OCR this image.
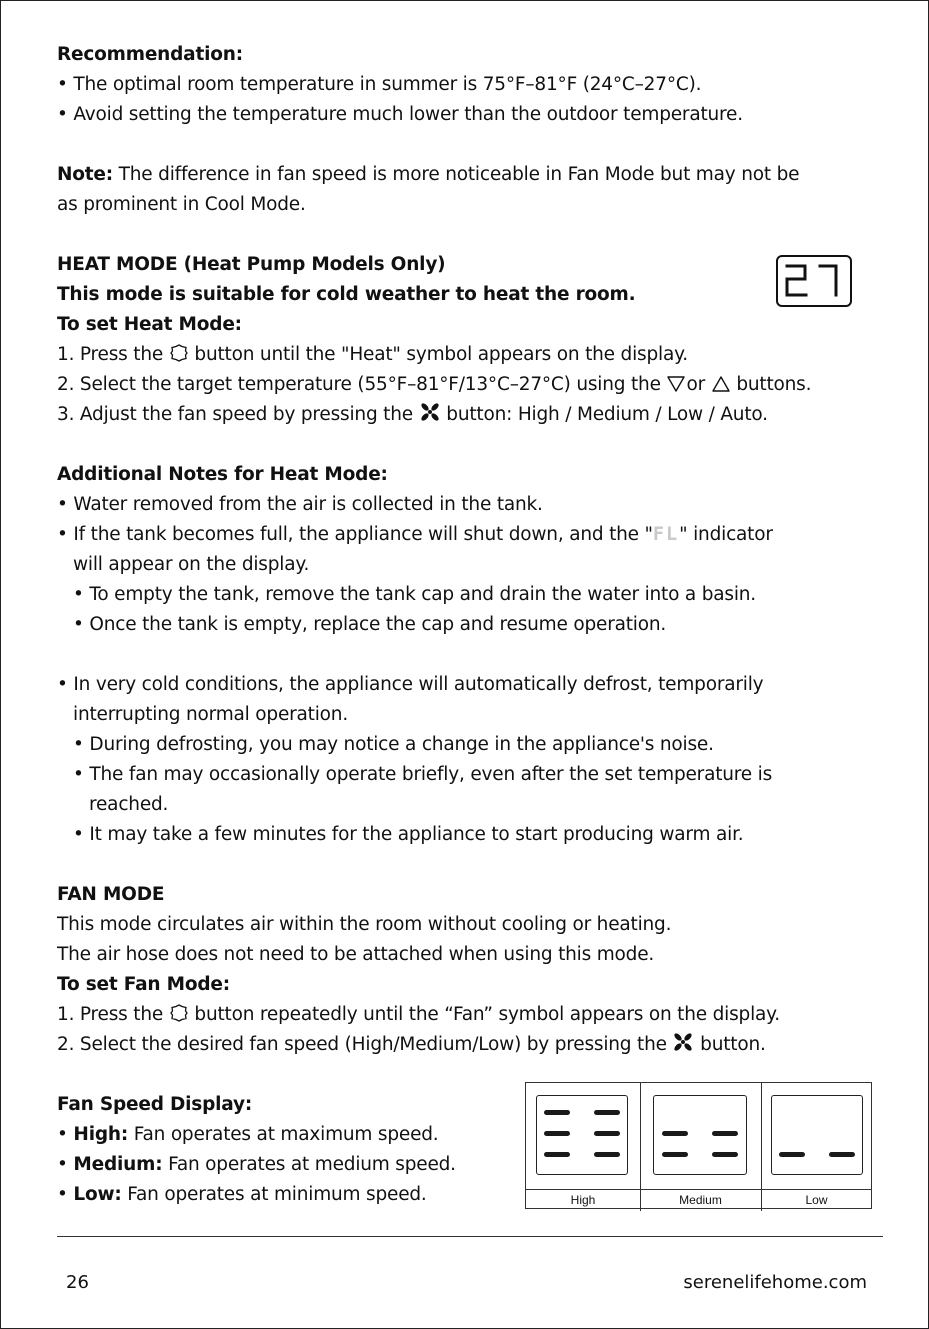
Recommendation:
• The optimal room temperature in summer is 75°F–81°F (24°C–27°C).
• Avoid setting the temperature much lower than the outdoor temperature.
Note: The difference in fan speed is more noticeable in Fan Mode but may not be
as prominent in Cool Mode.
HEAT MODE (Heat Pump Models Only)
This mode is suitable for cold weather to heat the room.
To set Heat Mode:
1. Press the  button until the "Heat" symbol appears on the display.
2. Select the target temperature (55°F–81°F/13°C–27°C) using the or  buttons.
3. Adjust the fan speed by pressing the  button: High / Medium / Low / Auto.
Additional Notes for Heat Mode:
• Water removed from the air is collected in the tank.
• If the tank becomes full, the appliance will shut down, and the "FL" indicator
will appear on the display.
• To empty the tank, remove the tank cap and drain the water into a basin.
• Once the tank is empty, replace the cap and resume operation.
• In very cold conditions, the appliance will automatically defrost, temporarily
interrupting normal operation.
• During defrosting, you may notice a change in the appliance's noise.
• The fan may occasionally operate briefly, even after the set temperature is
reached.
• It may take a few minutes for the appliance to start producing warm air.
FAN MODE
This mode circulates air within the room without cooling or heating.
The air hose does not need to be attached when using this mode.
To set Fan Mode:
1. Press the  button repeatedly until the “Fan” symbol appears on the display.
2. Select the desired fan speed (High/Medium/Low) by pressing the  button.
Fan Speed Display:
• High: Fan operates at maximum speed.
• Medium: Fan operates at medium speed.
• Low: Fan operates at minimum speed.	High	Medium	Low
26	serenelifehome.com
